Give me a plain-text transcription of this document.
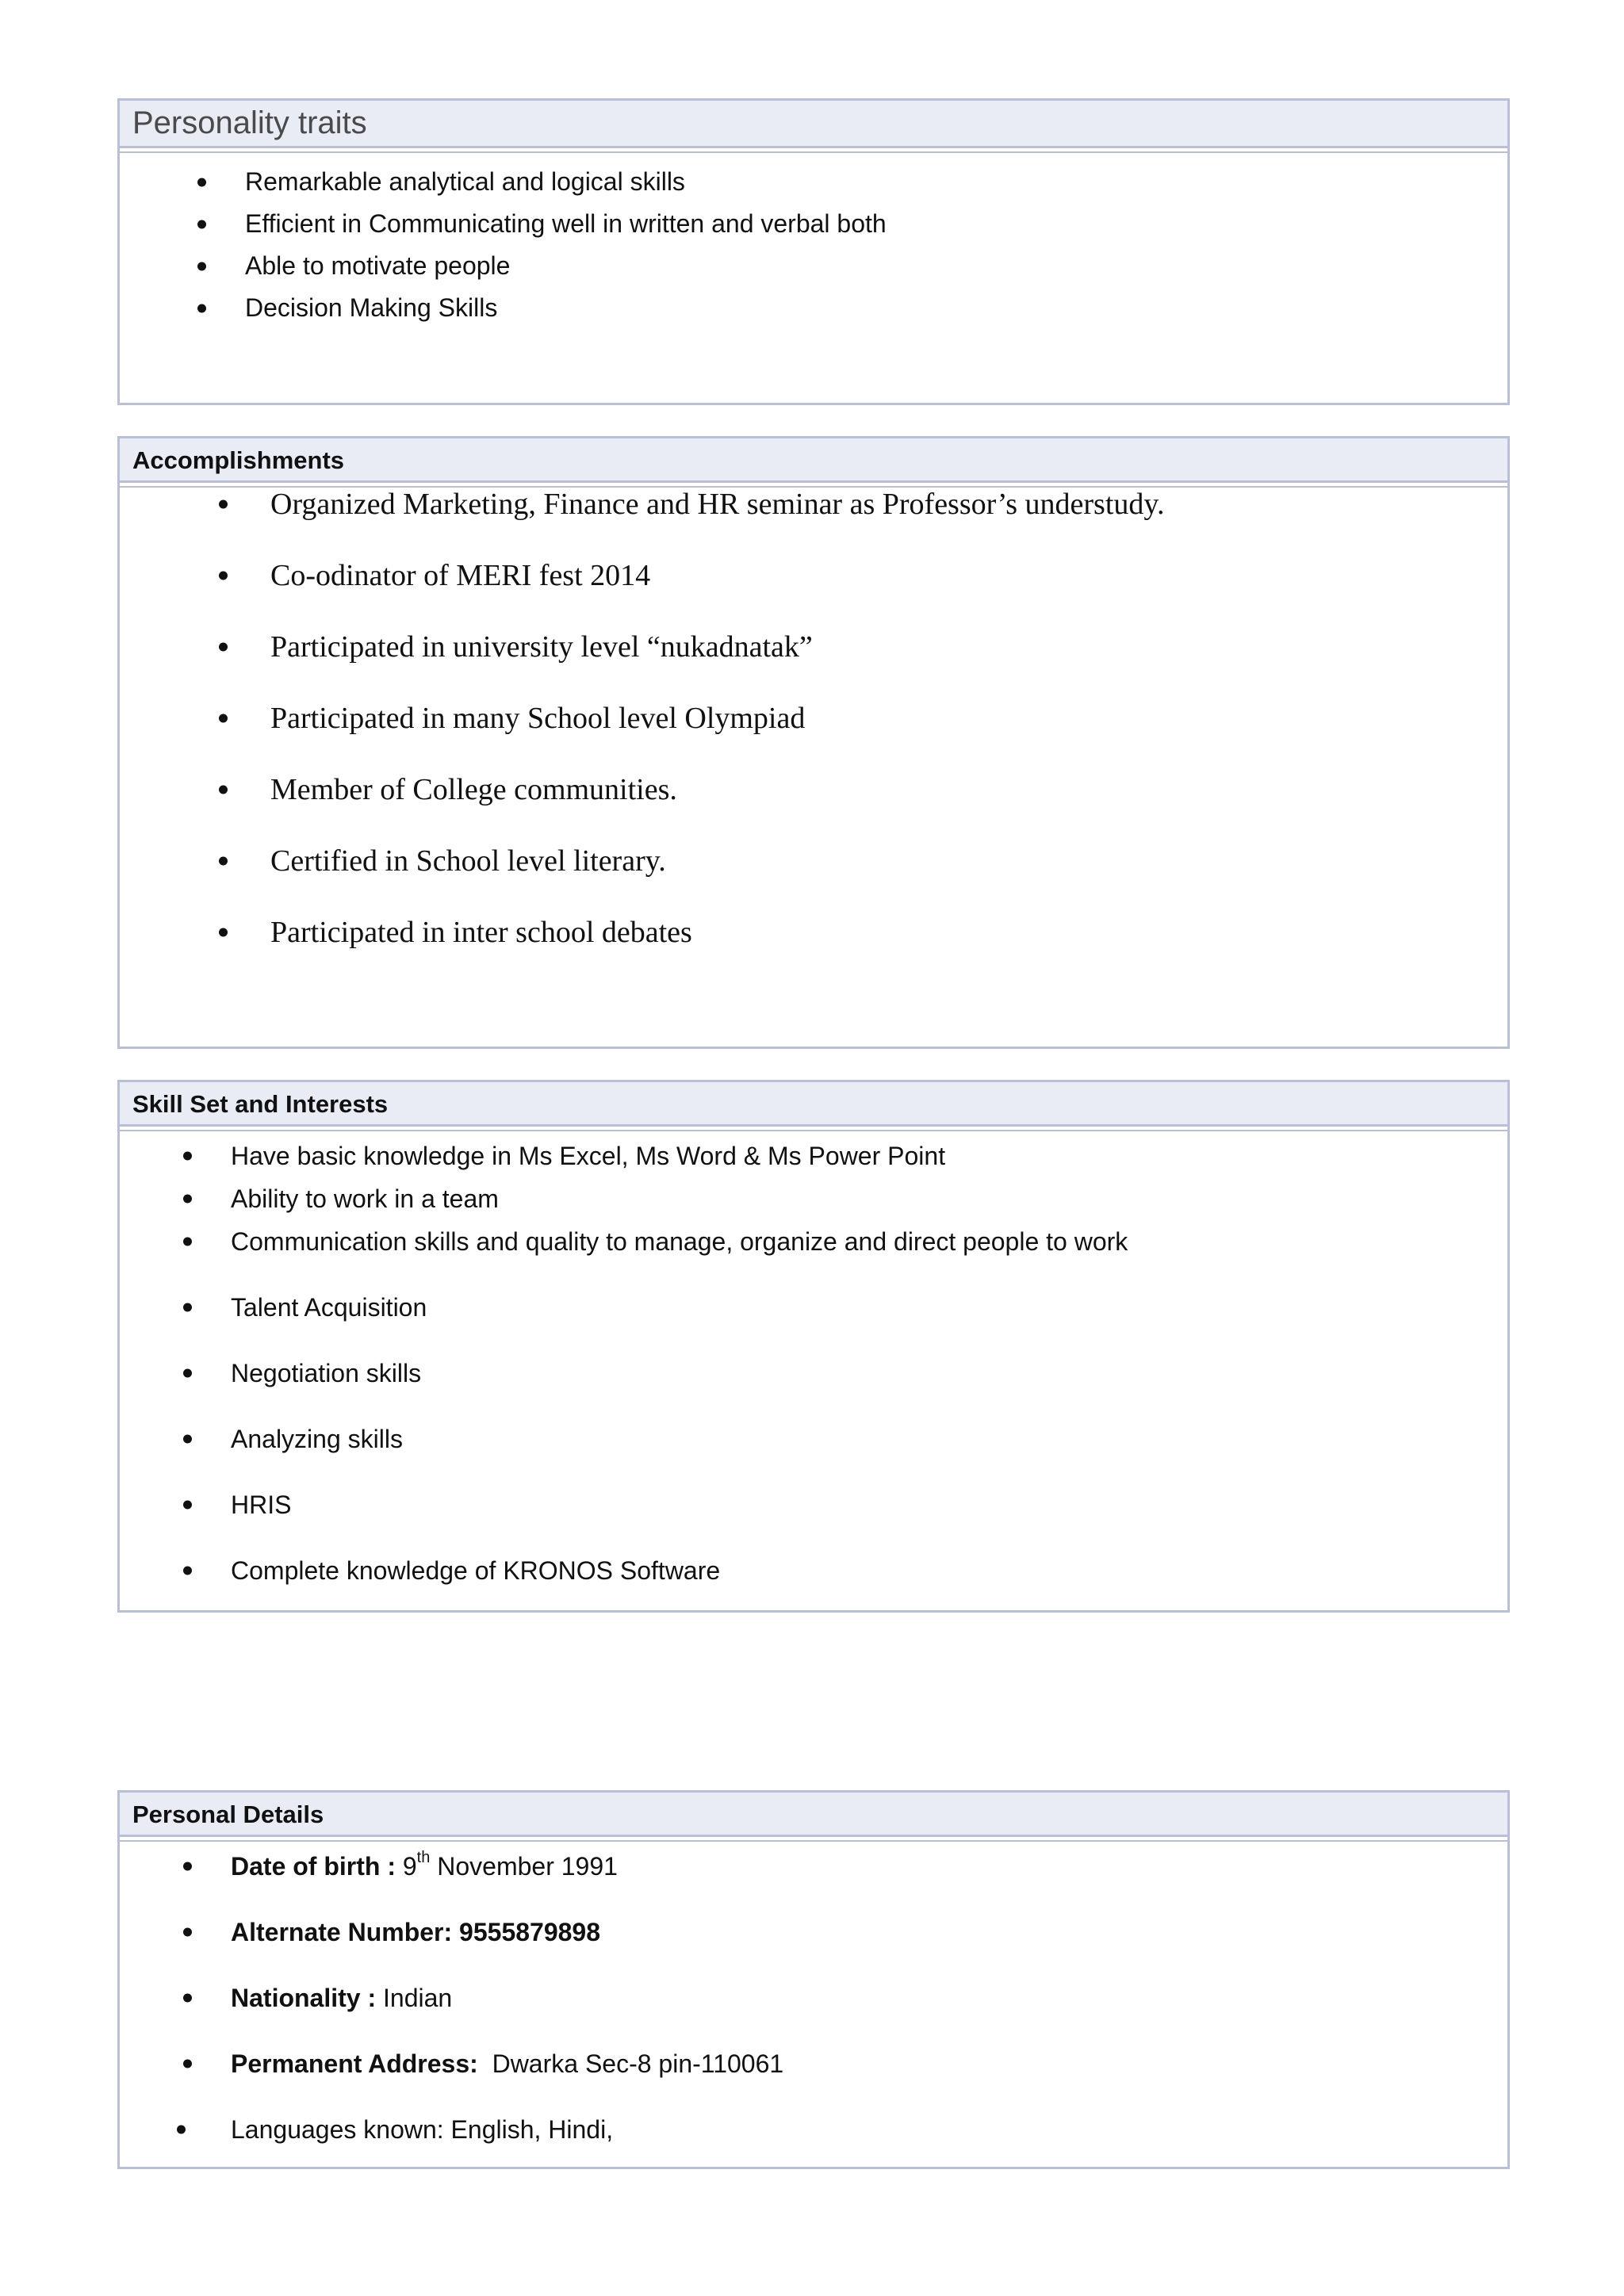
Personality traits
Remarkable analytical and logical skills
Efficient in Communicating well in written and verbal both
Able to motivate people
Decision Making Skills
Accomplishments
Organized Marketing, Finance and HR seminar as Professor’s understudy.
Co-odinator of MERI fest 2014
Participated in university level “nukadnatak”
Participated in many School level Olympiad
Member of College communities.
Certified in School level literary.
Participated in inter school debates
Skill Set and Interests
Have basic knowledge in Ms Excel, Ms Word & Ms Power Point
Ability to work in a team
Communication skills and quality to manage, organize and direct people to work
Talent Acquisition
Negotiation skills
Analyzing skills
HRIS
Complete knowledge of KRONOS Software
Personal Details
Date of birth : 9th November 1991
Alternate Number: 9555879898
Nationality : Indian
Permanent Address: Dwarka Sec-8 pin-110061
Languages known: English, Hindi,
